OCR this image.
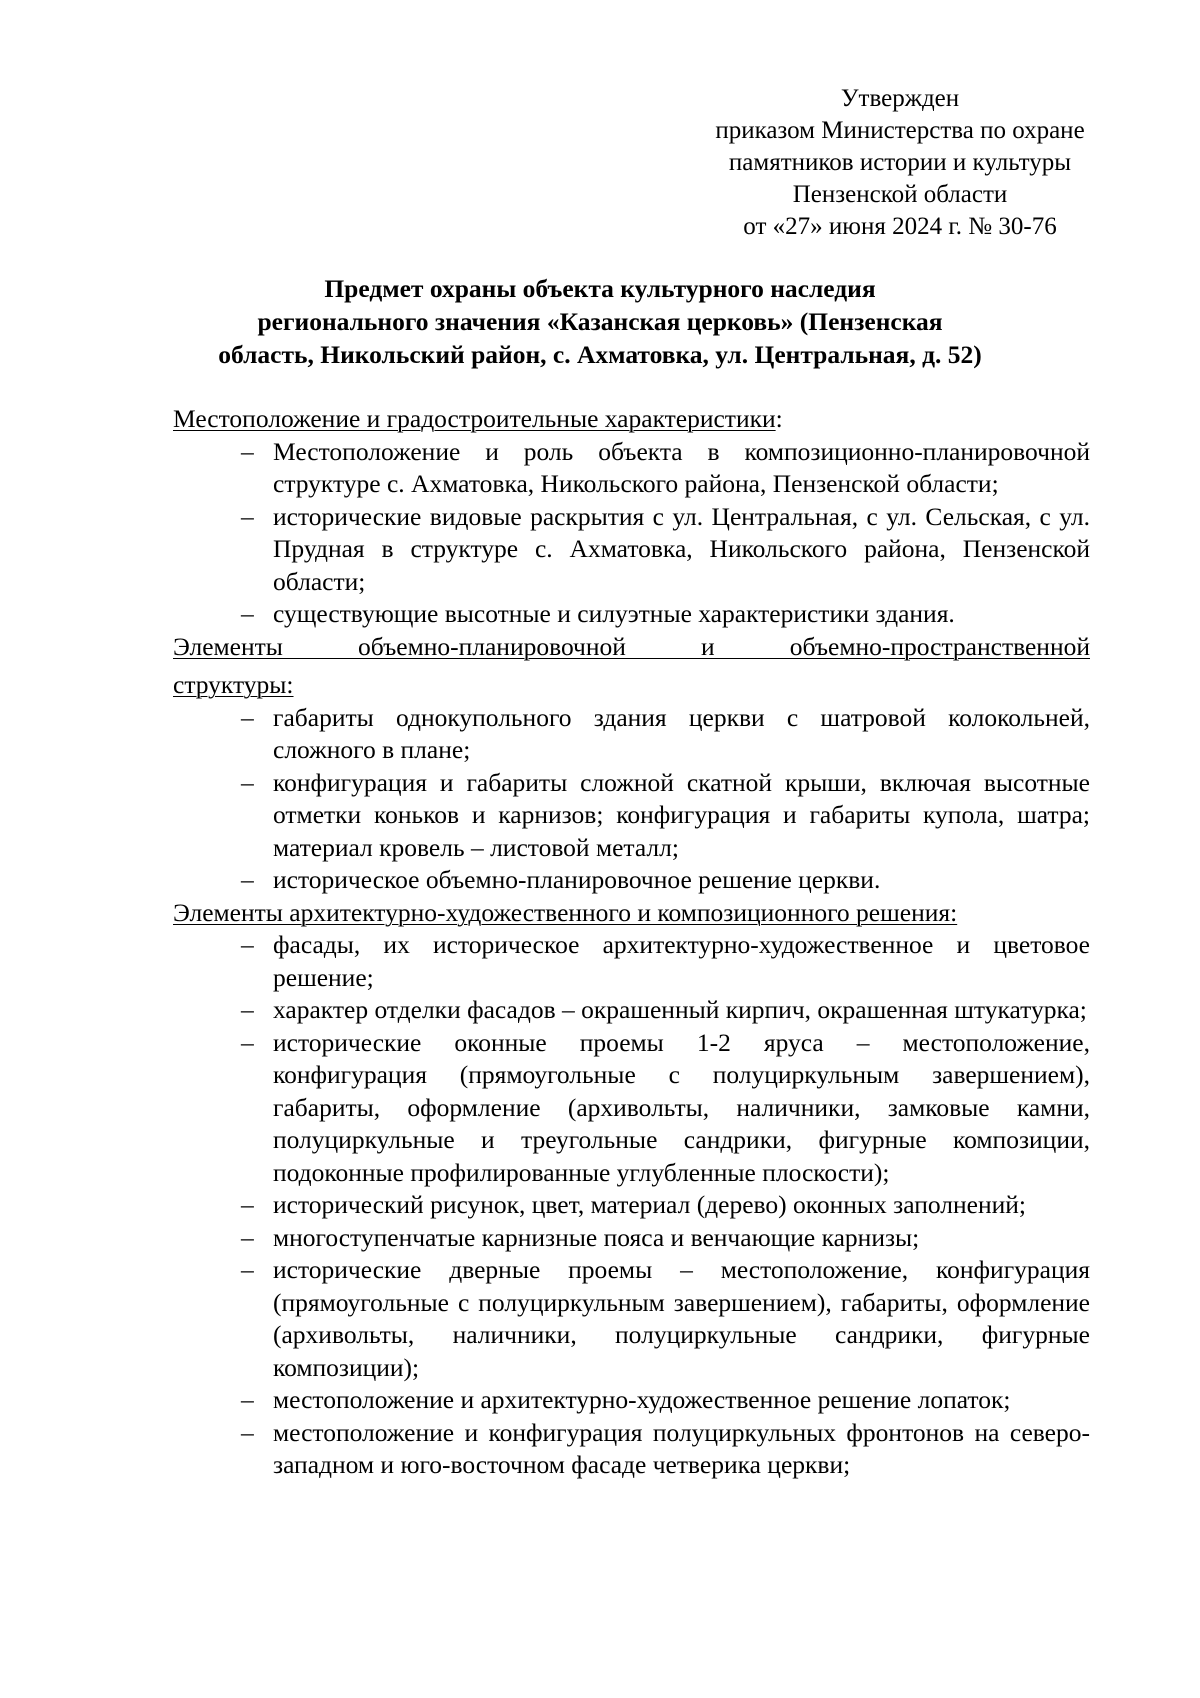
Утвержден
приказом Министерства по охране
памятников истории и культуры
Пензенской области
от «27» июня 2024 г. № 30-76
Предмет охраны объекта культурного наследия
регионального значения «Казанская церковь» (Пензенская
область, Никольский район, с. Ахматовка, ул. Центральная, д. 52)
Местоположение и градостроительные характеристики:
– Местоположение и роль объекта в композиционно-планировочной структуре с. Ахматовка, Никольского района, Пензенской области;
– исторические видовые раскрытия с ул. Центральная, с ул. Сельская, с ул. Прудная в структуре с. Ахматовка, Никольского района, Пензенской области;
– существующие высотные и силуэтные характеристики здания.
Элементы объемно-планировочной и объемно-пространственной
структуры:
– габариты однокупольного здания церкви с шатровой колокольней, сложного в плане;
– конфигурация и габариты сложной скатной крыши, включая высотные отметки коньков и карнизов; конфигурация и габариты купола, шатра; материал кровель – листовой металл;
– историческое объемно-планировочное решение церкви.
Элементы архитектурно-художественного и композиционного решения:
– фасады, их историческое архитектурно-художественное и цветовое решение;
– характер отделки фасадов – окрашенный кирпич, окрашенная штукатурка;
– исторические оконные проемы 1-2 яруса – местоположение, конфигурация (прямоугольные с полуциркульным завершением), габариты, оформление (архивольты, наличники, замковые камни, полуциркульные и треугольные сандрики, фигурные композиции, подоконные профилированные углубленные плоскости);
– исторический рисунок, цвет, материал (дерево) оконных заполнений;
– многоступенчатые карнизные пояса и венчающие карнизы;
– исторические дверные проемы – местоположение, конфигурация (прямоугольные с полуциркульным завершением), габариты, оформление (архивольты, наличники, полуциркульные сандрики, фигурные композиции);
– местоположение и архитектурно-художественное решение лопаток;
– местоположение и конфигурация полуциркульных фронтонов на северо-западном и юго-восточном фасаде четверика церкви;
